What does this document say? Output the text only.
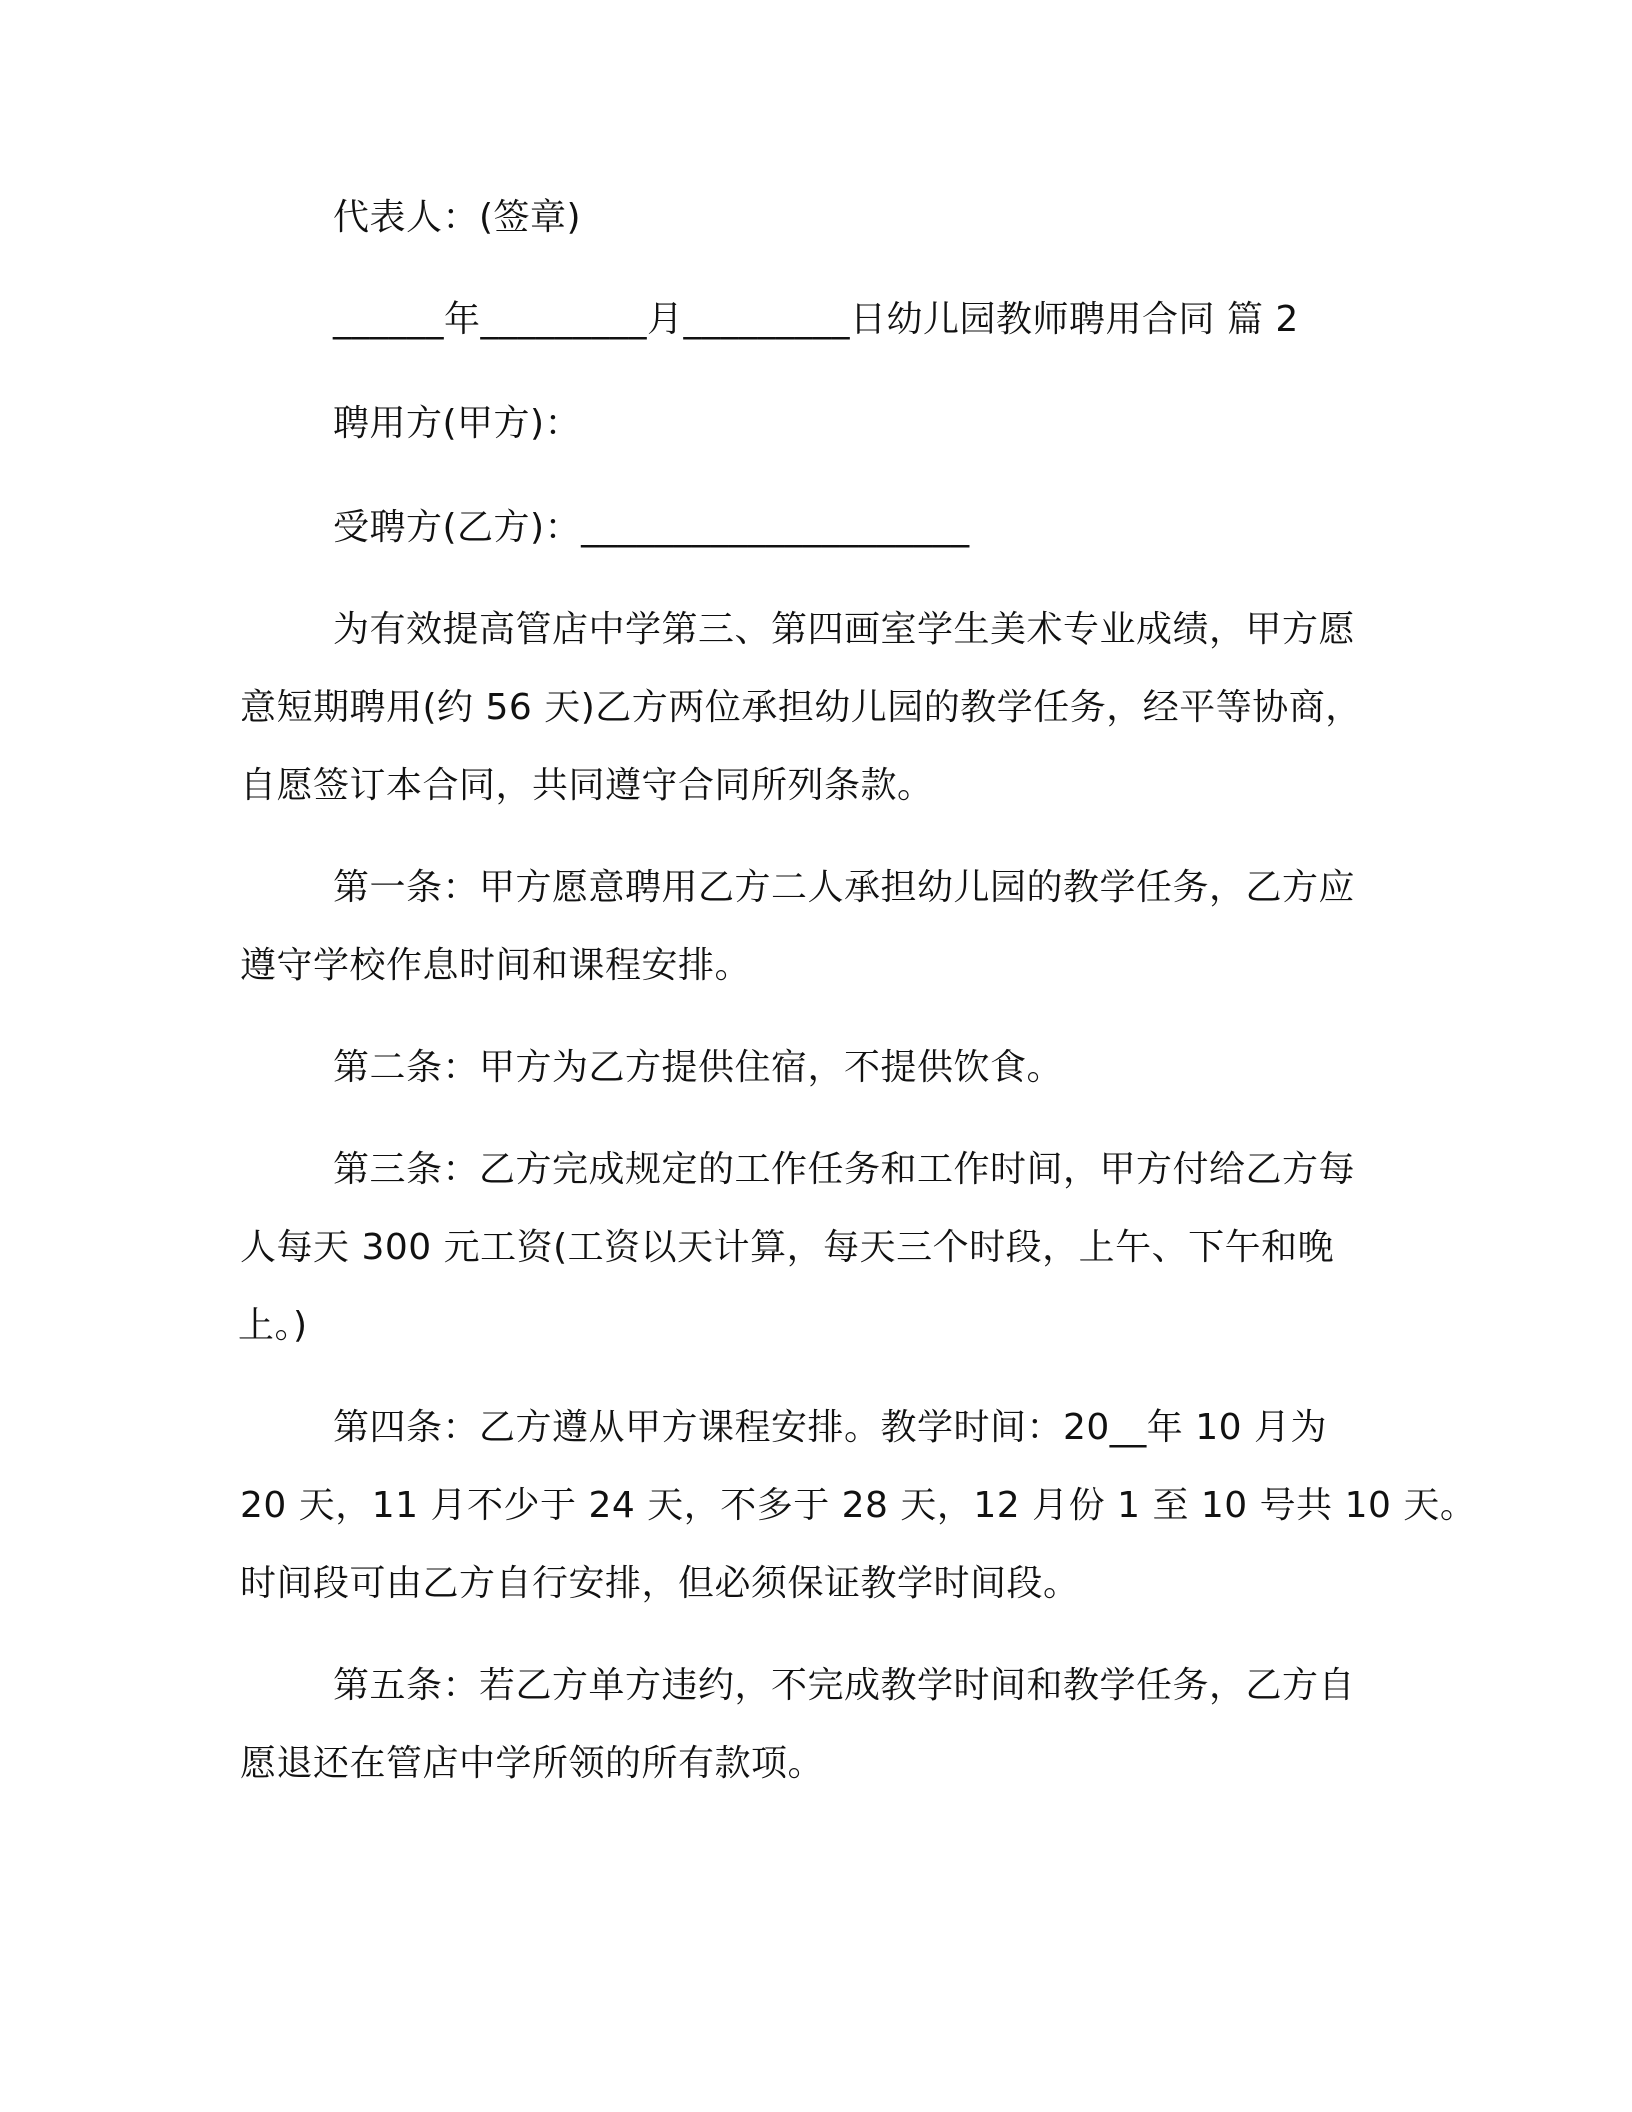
代表人：(签章)
______年_________月_________日幼儿园教师聘用合同 篇 2
聘用方(甲方)：
受聘方(乙方)：_____________________
为有效提高管店中学第三、第四画室学生美术专业成绩，甲方愿
意短期聘用(约 56 天)乙方两位承担幼儿园的教学任务，经平等协商，
自愿签订本合同，共同遵守合同所列条款。
第一条：甲方愿意聘用乙方二人承担幼儿园的教学任务，乙方应
遵守学校作息时间和课程安排。
第二条：甲方为乙方提供住宿，不提供饮食。
第三条：乙方完成规定的工作任务和工作时间，甲方付给乙方每
人每天 300 元工资(工资以天计算，每天三个时段，上午、下午和晚
上。)
第四条：乙方遵从甲方课程安排。教学时间：20__年 10 月为
20 天，11 月不少于 24 天，不多于 28 天，12 月份 1 至 10 号共 10 天。
时间段可由乙方自行安排，但必须保证教学时间段。
第五条：若乙方单方违约，不完成教学时间和教学任务，乙方自
愿退还在管店中学所领的所有款项。
